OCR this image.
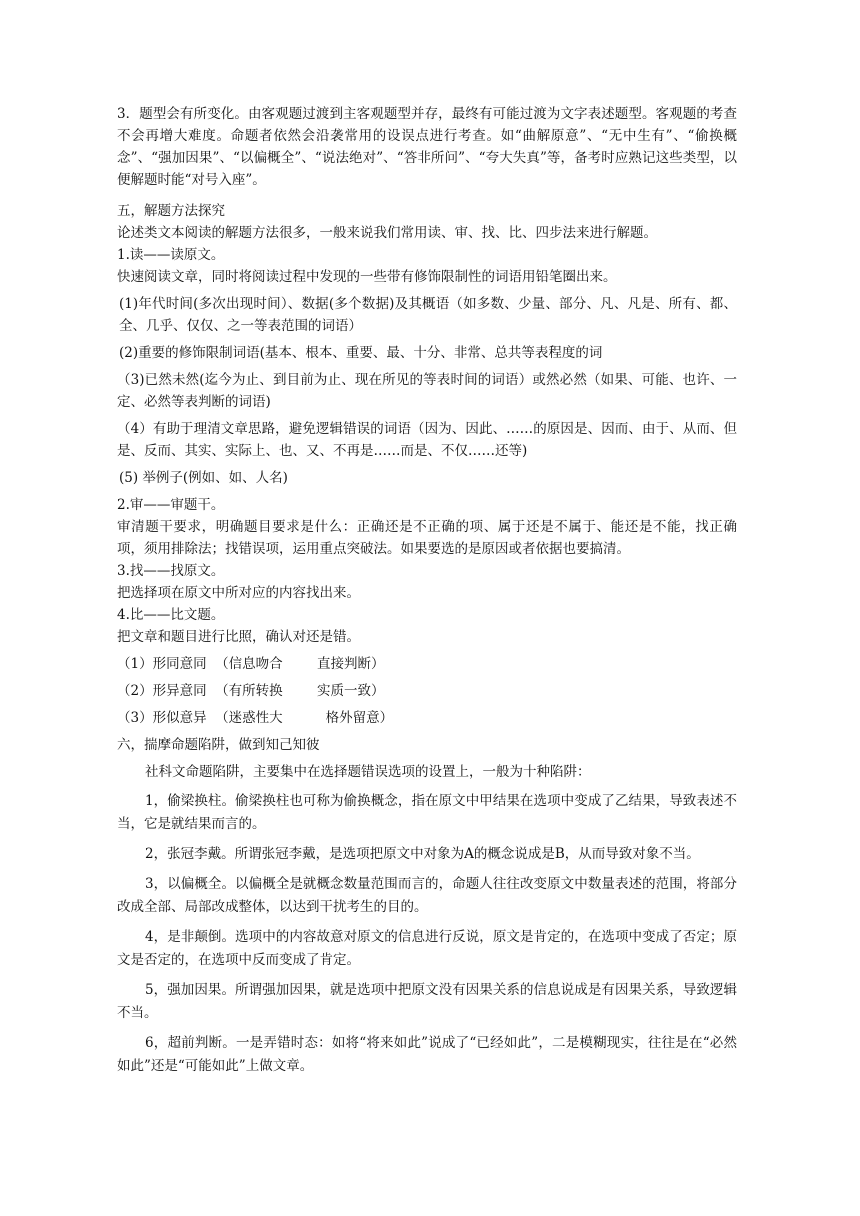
3．题型会有所变化。由客观题过渡到主客观题型并存，最终有可能过渡为文字表述题型。客观题的考查不会再增大难度。命题者依然会沿袭常用的设误点进行考查。如“曲解原意”、“无中生有”、“偷换概念”、“强加因果”、“以偏概全”、“说法绝对”、“答非所问”、“夸大失真”等，备考时应熟记这些类型，以便解题时能“对号入座”。
五，解题方法探究
论述类文本阅读的解题方法很多，一般来说我们常用读、审、找、比、四步法来进行解题。
1.读——读原文。
快速阅读文章，同时将阅读过程中发现的一些带有修饰限制性的词语用铅笔圈出来。
(1)年代时间(多次出现时间）、数据(多个数据)及其概语（如多数、少量、部分、凡、凡是、所有、都、全、几乎、仅仅、之一等表范围的词语）
(2)重要的修饰限制词语(基本、根本、重要、最、十分、非常、总共等表程度的词
（3)已然未然(迄今为止、到目前为止、现在所见的等表时间的词语）或然必然（如果、可能、也许、一定、必然等表判断的词语)
（4）有助于理清文章思路，避免逻辑错误的词语（因为、因此、……的原因是、因而、由于、从而、但是、反而、其实、实际上、也、又、不再是……而是、不仅……还等)
(5) 举例子(例如、如、人名)
2.审——审题干。
审清题干要求，明确题目要求是什么：正确还是不正确的项、属于还是不属于、能还是不能，找正确项，须用排除法；找错误项，运用重点突破法。如果要选的是原因或者依据也要搞清。
3.找——找原文。
把选择项在原文中所对应的内容找出来。
4.比——比文题。
把文章和题目进行比照，确认对还是错。
（1）形同意同  （信息吻合        直接判断）
（2）形异意同  （有所转换        实质一致）
（3）形似意异  （迷惑性大          格外留意）
六，揣摩命题陷阱，做到知己知彼
社科文命题陷阱，主要集中在选择题错误选项的设置上，一般为十种陷阱：
1，偷梁换柱。偷梁换柱也可称为偷换概念，指在原文中甲结果在选项中变成了乙结果，导致表述不当，它是就结果而言的。
2，张冠李戴。所谓张冠李戴，是选项把原文中对象为A的概念说成是B，从而导致对象不当。
3，以偏概全。以偏概全是就概念数量范围而言的，命题人往往改变原文中数量表述的范围，将部分改成全部、局部改成整体，以达到干扰考生的目的。
4，是非颠倒。选项中的内容故意对原文的信息进行反说，原文是肯定的，在选项中变成了否定；原文是否定的，在选项中反而变成了肯定。
5，强加因果。所谓强加因果，就是选项中把原文没有因果关系的信息说成是有因果关系，导致逻辑不当。
6，超前判断。一是弄错时态：如将“将来如此”说成了“已经如此”，二是模糊现实，往往是在“必然如此”还是“可能如此”上做文章。
